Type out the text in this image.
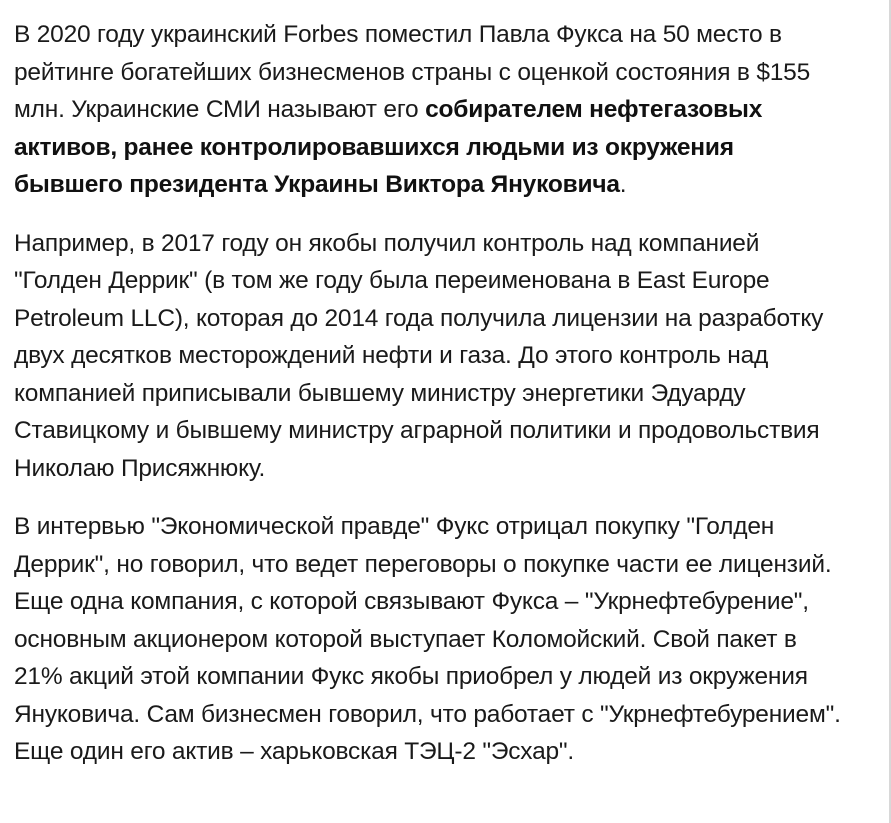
В 2020 году украинский Forbes поместил Павла Фукса на 50 место в рейтинге богатейших бизнесменов страны с оценкой состояния в $155 млн. Украинские СМИ называют его собирателем нефтегазовых активов, ранее контролировавшихся людьми из окружения бывшего президента Украины Виктора Януковича.

Например, в 2017 году он якобы получил контроль над компанией "Голден Деррик" (в том же году была переименована в East Europe Petroleum LLC), которая до 2014 года получила лицензии на разработку двух десятков месторождений нефти и газа. До этого контроль над компанией приписывали бывшему министру энергетики Эдуарду Ставицкому и бывшему министру аграрной политики и продовольствия Николаю Присяжнюку.

В интервью "Экономической правде" Фукс отрицал покупку "Голден Деррик", но говорил, что ведет переговоры о покупке части ее лицензий. Еще одна компания, с которой связывают Фукса – "Укрнефтебурение", основным акционером которой выступает Коломойский. Свой пакет в 21% акций этой компании Фукс якобы приобрел у людей из окружения Януковича. Сам бизнесмен говорил, что работает с "Укрнефтебурением". Еще один его актив – харьковская ТЭЦ-2 "Эсхар".
